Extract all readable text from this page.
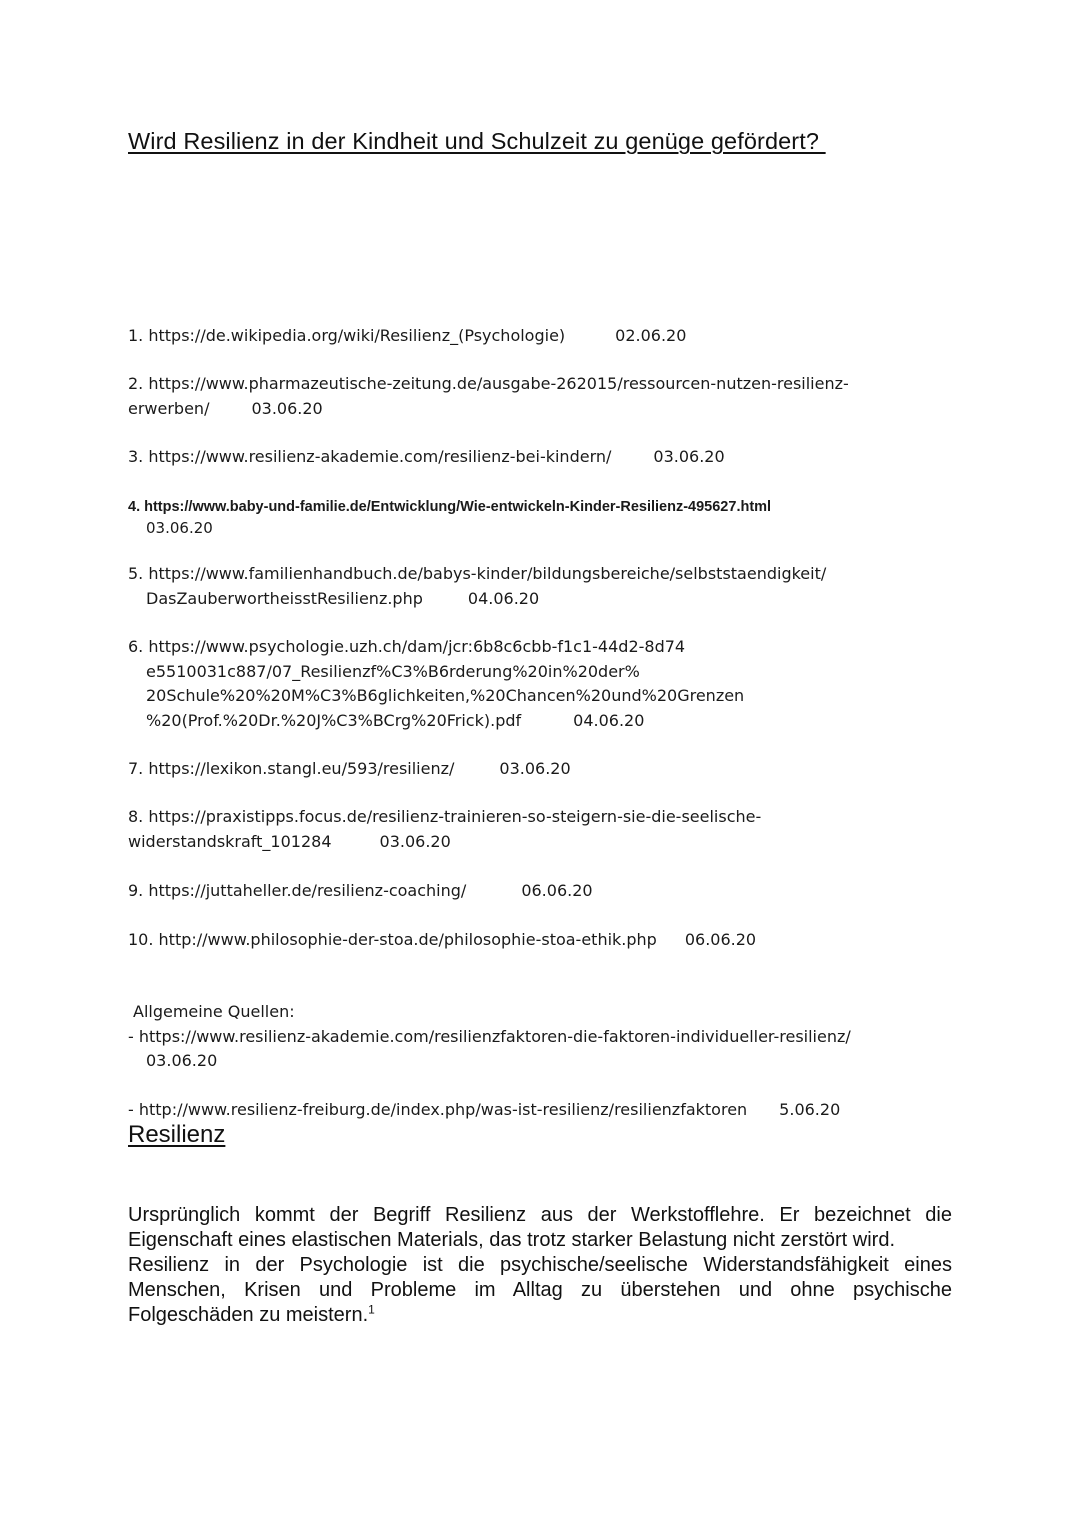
Wird Resilienz in der Kindheit und Schulzeit zu genüge gefördert?
1. https://de.wikipedia.org/wiki/Resilienz_(Psychologie)	02.06.20
2. https://www.pharmazeutische-zeitung.de/ausgabe-262015/ressourcen-nutzen-resilienz-
erwerben/	03.06.20
3. https://www.resilienz-akademie.com/resilienz-bei-kindern/	03.06.20
4. https://www.baby-und-familie.de/Entwicklung/Wie-entwickeln-Kinder-Resilienz-495627.html
03.06.20
5. https://www.familienhandbuch.de/babys-kinder/bildungsbereiche/selbststaendigkeit/
DasZauberwortheisstResilienz.php	04.06.20
6. https://www.psychologie.uzh.ch/dam/jcr:6b8c6cbb-f1c1-44d2-8d74
e5510031c887/07_Resilienzf%C3%B6rderung%20in%20der%
20Schule%20%20M%C3%B6glichkeiten,%20Chancen%20und%20Grenzen
%20(Prof.%20Dr.%20J%C3%BCrg%20Frick).pdf	04.06.20
7. https://lexikon.stangl.eu/593/resilienz/	03.06.20
8. https://praxistipps.focus.de/resilienz-trainieren-so-steigern-sie-die-seelische-
widerstandskraft_101284	03.06.20
9. https://juttaheller.de/resilienz-coaching/	06.06.20
10. http://www.philosophie-der-stoa.de/philosophie-stoa-ethik.php 06.06.20
Allgemeine Quellen:
- https://www.resilienz-akademie.com/resilienzfaktoren-die-faktoren-individueller-resilienz/
03.06.20
- http://www.resilienz-freiburg.de/index.php/was-ist-resilienz/resilienzfaktoren 5.06.20
Resilienz

Ursprünglich kommt der Begriff Resilienz aus der Werkstofflehre. Er bezeichnet die Eigenschaft eines elastischen Materials, das trotz starker Belastung nicht zerstört wird.

Resilienz in der Psychologie ist die psychische/seelische Widerstandsfähigkeit eines Menschen, Krisen und Probleme im Alltag zu überstehen und ohne psychische Folgeschäden zu meistern.$^1$
